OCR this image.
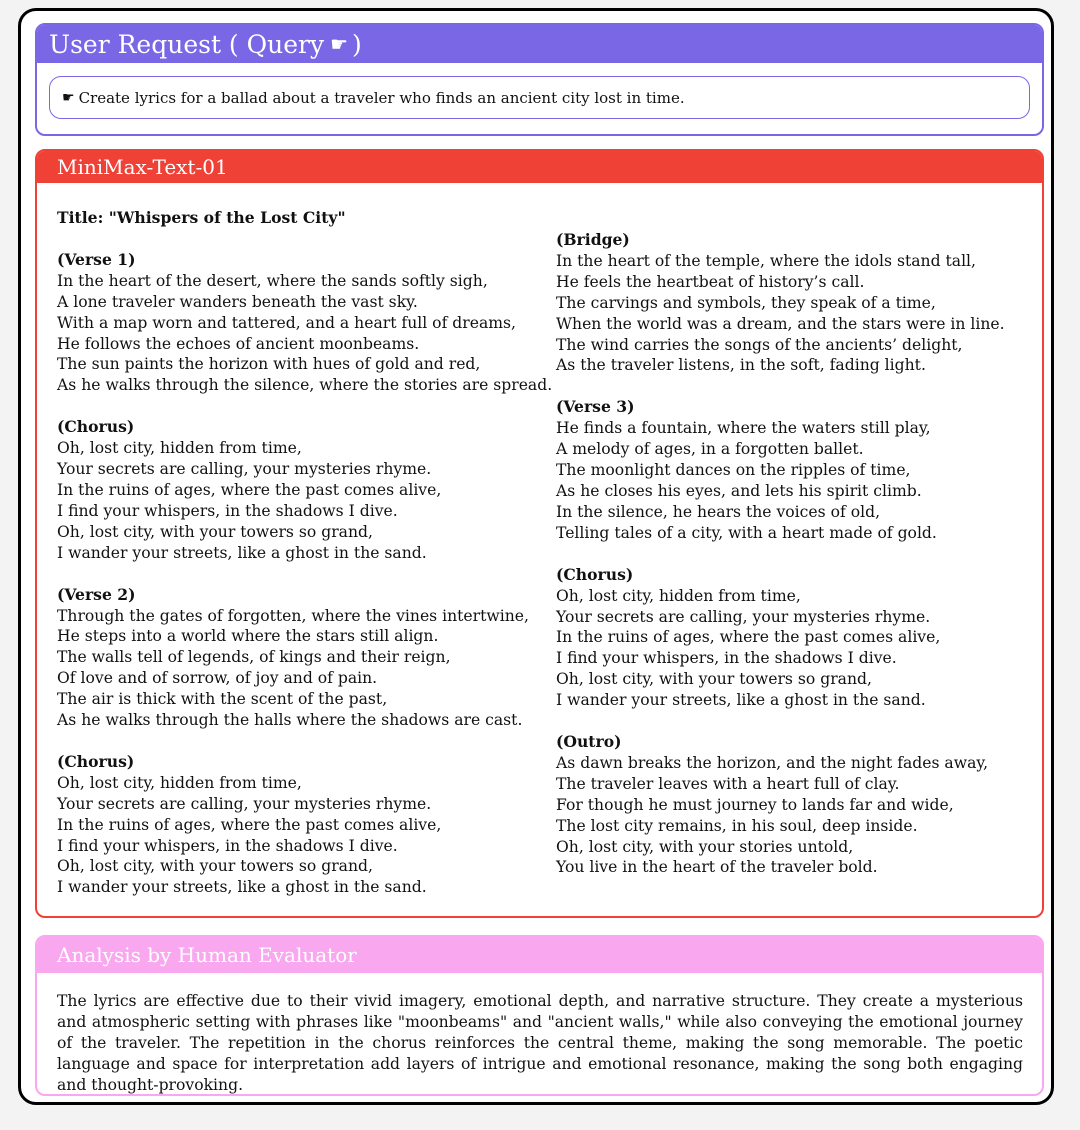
User Request ( Query ☛ )
☛ Create lyrics for a ballad about a traveler who finds an ancient city lost in time.
MiniMax-Text-01
Title: "Whispers of the Lost City"
(Verse 1)
In the heart of the desert, where the sands softly sigh,
A lone traveler wanders beneath the vast sky.
With a map worn and tattered, and a heart full of dreams,
He follows the echoes of ancient moonbeams.
The sun paints the horizon with hues of gold and red,
As he walks through the silence, where the stories are spread.
(Chorus)
Oh, lost city, hidden from time,
Your secrets are calling, your mysteries rhyme.
In the ruins of ages, where the past comes alive,
I find your whispers, in the shadows I dive.
Oh, lost city, with your towers so grand,
I wander your streets, like a ghost in the sand.
(Verse 2)
Through the gates of forgotten, where the vines intertwine,
He steps into a world where the stars still align.
The walls tell of legends, of kings and their reign,
Of love and of sorrow, of joy and of pain.
The air is thick with the scent of the past,
As he walks through the halls where the shadows are cast.
(Chorus)
Oh, lost city, hidden from time,
Your secrets are calling, your mysteries rhyme.
In the ruins of ages, where the past comes alive,
I find your whispers, in the shadows I dive.
Oh, lost city, with your towers so grand,
I wander your streets, like a ghost in the sand.
(Bridge)
In the heart of the temple, where the idols stand tall,
He feels the heartbeat of history’s call.
The carvings and symbols, they speak of a time,
When the world was a dream, and the stars were in line.
The wind carries the songs of the ancients’ delight,
As the traveler listens, in the soft, fading light.
(Verse 3)
He finds a fountain, where the waters still play,
A melody of ages, in a forgotten ballet.
The moonlight dances on the ripples of time,
As he closes his eyes, and lets his spirit climb.
In the silence, he hears the voices of old,
Telling tales of a city, with a heart made of gold.
(Chorus)
Oh, lost city, hidden from time,
Your secrets are calling, your mysteries rhyme.
In the ruins of ages, where the past comes alive,
I find your whispers, in the shadows I dive.
Oh, lost city, with your towers so grand,
I wander your streets, like a ghost in the sand.
(Outro)
As dawn breaks the horizon, and the night fades away,
The traveler leaves with a heart full of clay.
For though he must journey to lands far and wide,
The lost city remains, in his soul, deep inside.
Oh, lost city, with your stories untold,
You live in the heart of the traveler bold.
Analysis by Human Evaluator
The lyrics are effective due to their vivid imagery, emotional depth, and narrative structure. They create a mysterious and atmospheric setting with phrases like "moonbeams" and "ancient walls," while also conveying the emotional journey of the traveler. The repetition in the chorus reinforces the central theme, making the song memorable. The poetic language and space for interpretation add layers of intrigue and emotional resonance, making the song both engaging and thought-provoking.
